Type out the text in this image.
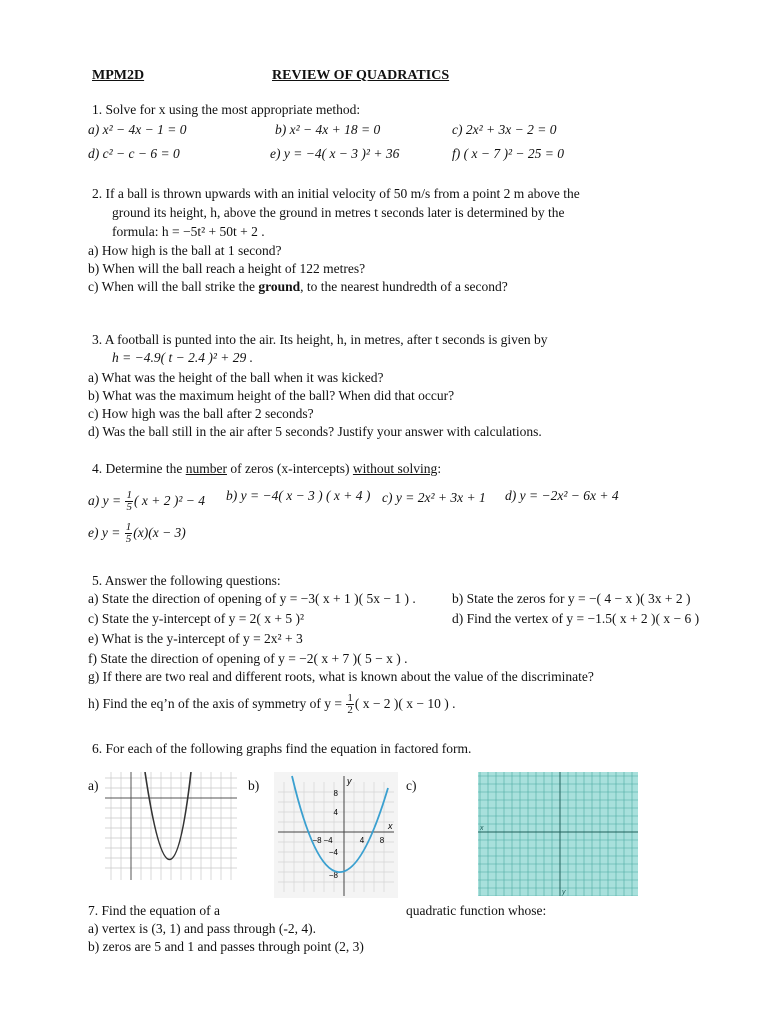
MPM2D	REVIEW OF QUADRATICS
1. Solve for x using the most appropriate method:
a) x² − 4x − 1 = 0	b) x² − 4x + 18 = 0	c) 2x² + 3x − 2 = 0
d) c² − c − 6 = 0	e) y = −4( x − 3 )² + 36	f) ( x − 7 )² − 25 = 0
2. If a ball is thrown upwards with an initial velocity of 50 m/s from a point 2 m above the
ground its height, h, above the ground in metres t seconds later is determined by the
formula: h = −5t² + 50t + 2 .
a) How high is the ball at 1 second?
b) When will the ball reach a height of 122 metres?
c) When will the ball strike the ground, to the nearest hundredth of a second?
3. A football is punted into the air. Its height, h, in metres, after t seconds is given by
h = −4.9( t − 2.4 )² + 29 .
a) What was the height of the ball when it was kicked?
b) What was the maximum height of the ball? When did that occur?
c) How high was the ball after 2 seconds?
d) Was the ball still in the air after 5 seconds? Justify your answer with calculations.
4. Determine the number of zeros (x-intercepts) without solving:
a) $y = \frac{1}{5}$ ( x + 2 )² − 4 b) y = −4( x − 3 ) ( x + 4 ) c) y = 2x² + 3x + 1 d) y = −2x² − 6x + 4
e) $y = \frac{1}{5} (x)(x - 3)$
5. Answer the following questions:
a) State the direction of opening of y = −3( x + 1 )( 5x − 1 ) .	b) State the zeros for y = −( 4 − x )( 3x + 2 )
c) State the y-intercept of y = 2( x + 5 )²	d) Find the vertex of y = −1.5( x + 2 )( x − 6 )
e) What is the y-intercept of y = 2x² + 3
f) State the direction of opening of y = −2( x + 7 )( 5 − x ) .
g) If there are two real and different roots, what is known about the value of the discriminate?
h) Find the eq’n of the axis of symmetry of $y = \frac{1}{2}$ ( x − 2 )( x − 10 ) .
6. For each of the following graphs find the equation in factored form.
a)	b)	c)
y
x
−8 −4	4 8
8
4
−4
−8
x
y
7. Find the equation of a	quadratic function whose:
a) vertex is (3, 1) and pass through (-2, 4).
b) zeros are 5 and 1 and passes through point (2, 3)
